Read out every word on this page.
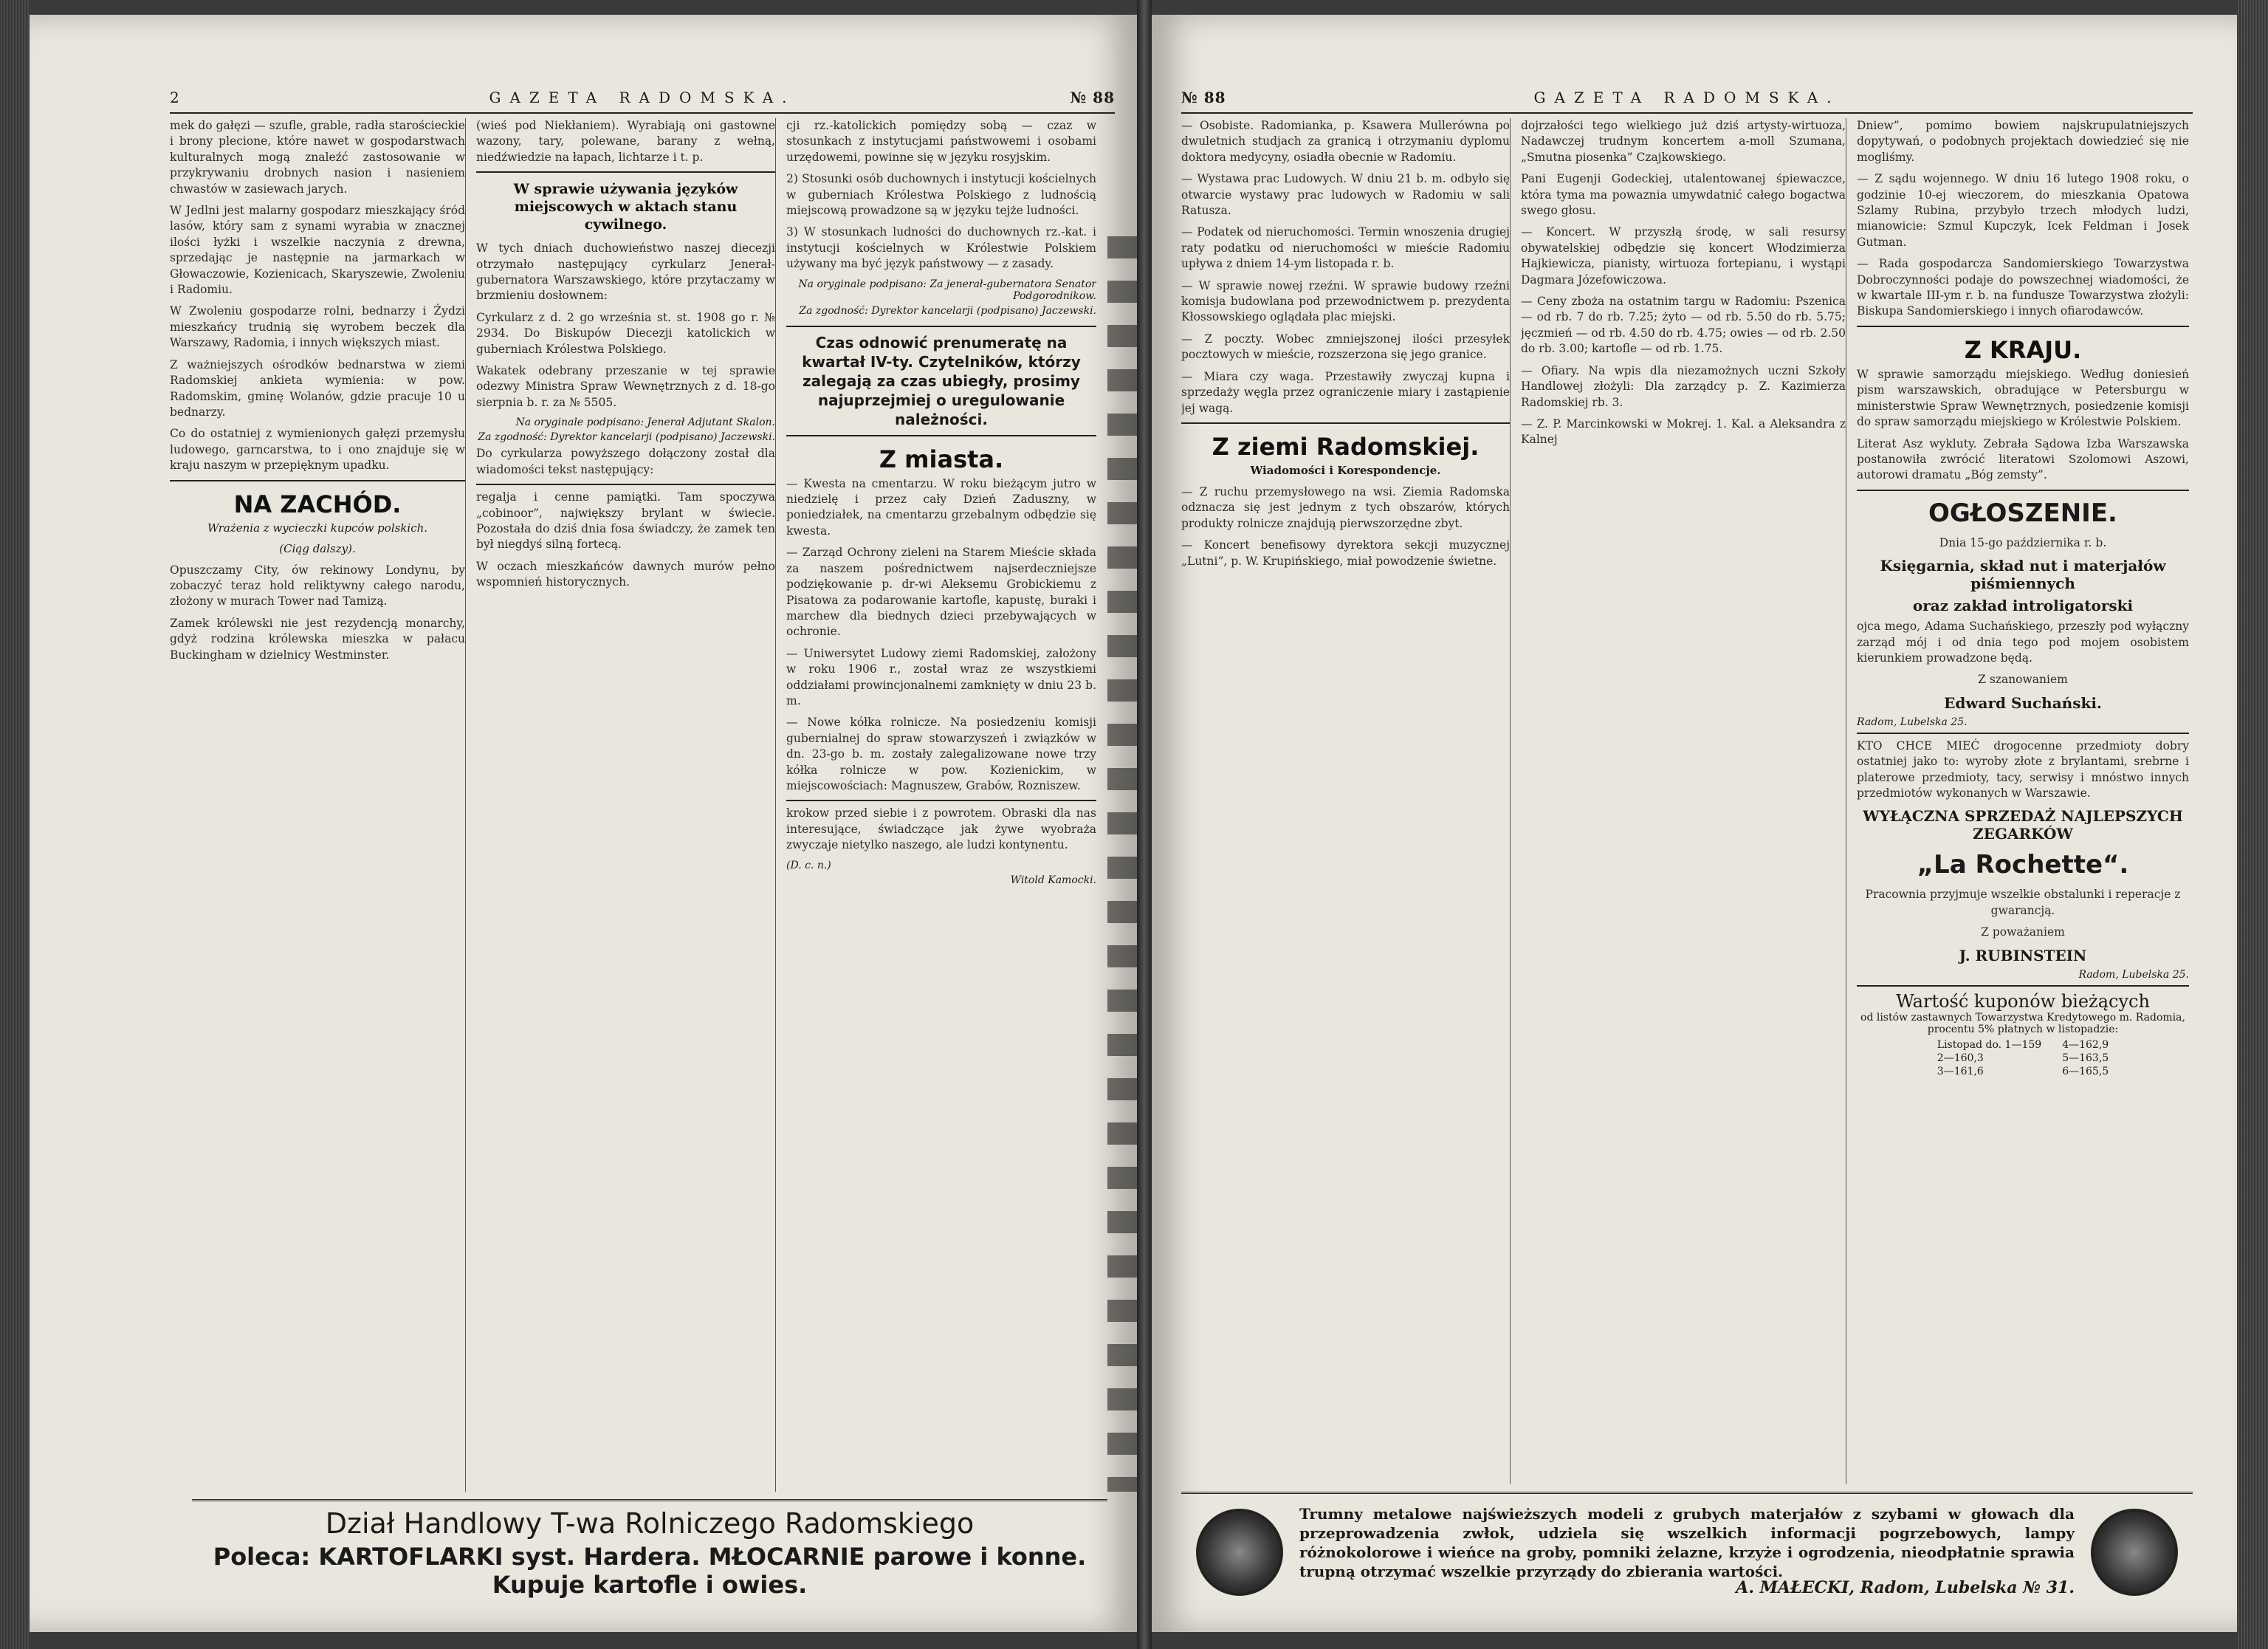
2	GAZETA RADOMSKA.	№ 88

mek do gałęzi — szufle, grable, radła starościeckie i brony plecione, które nawet w gospodarstwach kulturalnych mogą znaleźć zastosowanie w przykrywaniu drobnych nasion i nasieniem chwastów w zasiewach jarych.

W Jedlni jest malarny gospodarz mieszkający śród lasów, który sam z synami wyrabia w znacznej ilości łyżki i wszelkie naczynia z drewna, sprzedając je następnie na jarmarkach w Głowaczowie, Kozienicach, Skaryszewie, Zwoleniu i Radomiu.

W Zwoleniu gospodarze rolni, bednarzy i Żydzi mieszkańcy trudnią się wyrobem beczek dla Warszawy, Radomia, i innych większych miast.

Z ważniejszych ośrodków bednarstwa w ziemi Radomskiej ankieta wymienia: w pow. Radomskim, gminę Wolanów, gdzie pracuje 10 u bednarzy.

Co do ostatniej z wymienionych gałęzi przemysłu ludowego, garncarstwa, to i ono znajduje się w kraju naszym w przepięknym upadku.

NA ZACHÓD.
Wrażenia z wycieczki kupców polskich.
(Ciąg dalszy).

Opuszczamy City, ów rekinowy Londynu, by zobaczyć teraz hold reliktywny całego narodu, złożony w murach Tower nad Tamizą.

Zamek królewski nie jest rezydencją monarchy, gdyż rodzina królewska mieszka w pałacu Buckingham w dzielnicy Westminster.

(wieś pod Niekłaniem). Wyrabiają oni gastowne wazony, tary, polewane, barany z wełną, niedźwiedzie na łapach, lichtarze i t. p.

W sprawie używania języków miejscowych w aktach stanu cywilnego.

W tych dniach duchowieństwo naszej diecezji otrzymało następujący cyrkularz Jenerał-gubernatora Warszawskiego, które przytaczamy w brzmieniu dosłownem:

Cyrkularz z d. 2 go września st. st. 1908 go r. № 2934. Do Biskupów Diecezji katolickich w guberniach Królestwa Polskiego.

Wakatek odebrany przeszanie w tej sprawie odezwy Ministra Spraw Wewnętrznych z d. 18-go sierpnia b. r. za № 5505.

Na oryginale podpisano: Jenerał Adjutant Skalon.

Za zgodność: Dyrektor kancelarji (podpisano) Jaczewski.

Do cyrkularza powyższego dołączony został dla wiadomości tekst następujący:

regalja i cenne pamiątki. Tam spoczywa „cobinoor”, największy brylant w świecie. Pozostała do dziś dnia fosa świadczy, że zamek ten był niegdyś silną fortecą.

W oczach mieszkańców dawnych murów pełno wspomnień historycznych.

cji rz.-katolickich pomiędzy sobą — czaz w stosunkach z instytucjami państwowemi i osobami urzędowemi, powinne się w języku rosyjskim.

2) Stosunki osób duchownych i instytucji kościelnych w guberniach Królestwa Polskiego z ludnością miejscową prowadzone są w języku tejże ludności.

3) W stosunkach ludności do duchownych rz.-kat. i instytucji kościelnych w Królestwie Polskiem używany ma być język państwowy — z zasady.

Na oryginale podpisano: Za jenerał-gubernatora Senator Podgorodnikow.

Za zgodność: Dyrektor kancelarji (podpisano) Jaczewski.

Czas odnowić prenumeratę na kwartał IV-ty. Czytelników, którzy zalegają za czas ubiegły, prosimy najuprzejmiej o uregulowanie należności.
Z miasta.

— Kwesta na cmentarzu. W roku bieżącym jutro w niedzielę i przez cały Dzień Zaduszny, w poniedziałek, na cmentarzu grzebalnym odbędzie się kwesta.

— Zarząd Ochrony zieleni na Starem Mieście składa za naszem pośrednictwem najserdeczniejsze podziękowanie p. dr-wi Aleksemu Grobickiemu z Pisatowa za podarowanie kartofle, kapustę, buraki i marchew dla biednych dzieci przebywających w ochronie.

— Uniwersytet Ludowy ziemi Radomskiej, założony w roku 1906 r., został wraz ze wszystkiemi oddziałami prowincjonalnemi zamknięty w dniu 23 b. m.

— Nowe kółka rolnicze. Na posiedzeniu komisji gubernialnej do spraw stowarzyszeń i związków w dn. 23-go b. m. zostały zalegalizowane nowe trzy kółka rolnicze w pow. Kozienickim, w miejscowościach: Magnuszew, Grabów, Rozniszew.

krokow przed siebie i z powrotem. Obraski dla nas interesujące, świadczące jak żywe wyobraża zwyczaje nietylko naszego, ale ludzi kontynentu.

(D. c. n.)

Witold Kamocki.

Dział Handlowy T-wa Rolniczego Radomskiego
Poleca: KARTOFLARKI syst. Hardera. MŁOCARNIE parowe i konne. Kupuje kartofle i owies.
№ 88	GAZETA RADOMSKA.

— Osobiste. Radomianka, p. Ksawera Mullerówna po dwuletnich studjach za granicą i otrzymaniu dyplomu doktora medycyny, osiadła obecnie w Radomiu.

— Wystawa prac Ludowych. W dniu 21 b. m. odbyło się otwarcie wystawy prac ludowych w Radomiu w sali Ratusza.

— Podatek od nieruchomości. Termin wnoszenia drugiej raty podatku od nieruchomości w mieście Radomiu upływa z dniem 14-ym listopada r. b.

— W sprawie nowej rzeźni. W sprawie budowy rzeźni komisja budowlana pod przewodnictwem p. prezydenta Kłossowskiego oglądała plac miejski.

— Z poczty. Wobec zmniejszonej ilości przesyłek pocztowych w mieście, rozszerzona się jego granice.

— Miara czy waga. Przestawiły zwyczaj kupna i sprzedaży węgla przez ograniczenie miary i zastąpienie jej wagą.

Z ziemi Radomskiej.
Wiadomości i Korespondencje.

— Z ruchu przemysłowego na wsi. Ziemia Radomska odznacza się jest jednym z tych obszarów, których produkty rolnicze znajdują pierwszorzędne zbyt.

— Koncert benefisowy dyrektora sekcji muzycznej „Lutni”, p. W. Krupińskiego, miał powodzenie świetne.

dojrzałości tego wielkiego już dziś artysty-wirtuoza, Nadawczej trudnym koncertem a-moll Szumana, „Smutna piosenka” Czajkowskiego.

Pani Eugenji Godeckiej, utalentowanej śpiewaczce, która tyma ma powaznia umywdatnić całego bogactwa swego głosu.

— Koncert. W przyszłą środę, w sali resursy obywatelskiej odbędzie się koncert Włodzimierza Hajkiewicza, pianisty, wirtuoza fortepianu, i wystąpi Dagmara Józefowiczowa.

— Ceny zboża na ostatnim targu w Radomiu: Pszenica — od rb. 7 do rb. 7.25; żyto — od rb. 5.50 do rb. 5.75; jęczmień — od rb. 4.50 do rb. 4.75; owies — od rb. 2.50 do rb. 3.00; kartofle — od rb. 1.75.

— Ofiary. Na wpis dla niezamożnych uczni Szkoły Handlowej złożyli: Dla zarządcy p. Z. Kazimierza Radomskiej rb. 3.

— Z. P. Marcinkowski w Mokrej. 1. Kal. a Aleksandra z Kalnej

Dniew”, pomimo bowiem najskrupulatniejszych dopytywań, o podobnych projektach dowiedzieć się nie mogliśmy.

— Z sądu wojennego. W dniu 16 lutego 1908 roku, o godzinie 10-ej wieczorem, do mieszkania Opatowa Szlamy Rubina, przybyło trzech młodych ludzi, mianowicie: Szmul Kupczyk, Icek Feldman i Josek Gutman.

— Rada gospodarcza Sandomierskiego Towarzystwa Dobroczynności podaje do powszechnej wiadomości, że w kwartale III-ym r. b. na fundusze Towarzystwa złożyli: Biskupa Sandomierskiego i innych ofiarodawców.

Z KRAJU.

W sprawie samorządu miejskiego. Według doniesień pism warszawskich, obradujące w Petersburgu w ministerstwie Spraw Wewnętrznych, posiedzenie komisji do spraw samorządu miejskiego w Królestwie Polskiem.

Literat Asz wykluty. Zebrała Sądowa Izba Warszawska postanowiła zwrócić literatowi Szolomowi Aszowi, autorowi dramatu „Bóg zemsty”.

OGŁOSZENIE.
Dnia 15-go października r. b.
Księgarnia, skład nut i materjałów piśmiennych
oraz zakład introligatorski

ojca mego, Adama Suchańskiego, przeszły pod wyłączny zarząd mój i od dnia tego pod mojem osobistem kierunkiem prowadzone będą.

Z szanowaniem
Edward Suchański.
Radom, Lubelska 25.

KTO CHCE MIEĆ drogocenne przedmioty dobry ostatniej jako to: wyroby złote z brylantami, srebrne i platerowe przedmioty, tacy, serwisy i mnóstwo innych przedmiotów wykonanych w Warszawie.

WYŁĄCZNA SPRZEDAŻ NAJLEPSZYCH ZEGARKÓW
„La Rochette“.

Pracownia przyjmuje wszelkie obstalunki i reperacje z gwarancją.

Z poważaniem
J. RUBINSTEIN
Radom, Lubelska 25.
Wartość kuponów bieżących
od listów zastawnych Towarzystwa Kredytowego m. Radomia, procentu 5% płatnych w listopadzie:
Listopad do. 1—159	4—162,9
2—160,3	5—163,5
3—161,6	6—165,5
Trumny metalowe najświeższych modeli z grubych materjałów z szybami w głowach dla przeprowadzenia zwłok, udziela się wszelkich informacji pogrzebowych, lampy różnokolorowe i wieńce na groby, pomniki żelazne, krzyże i ogrodzenia, nieodpłatnie sprawia trupną otrzymać wszelkie przyrządy do zbierania wartości.
A. MAŁECKI, Radom, Lubelska № 31.
